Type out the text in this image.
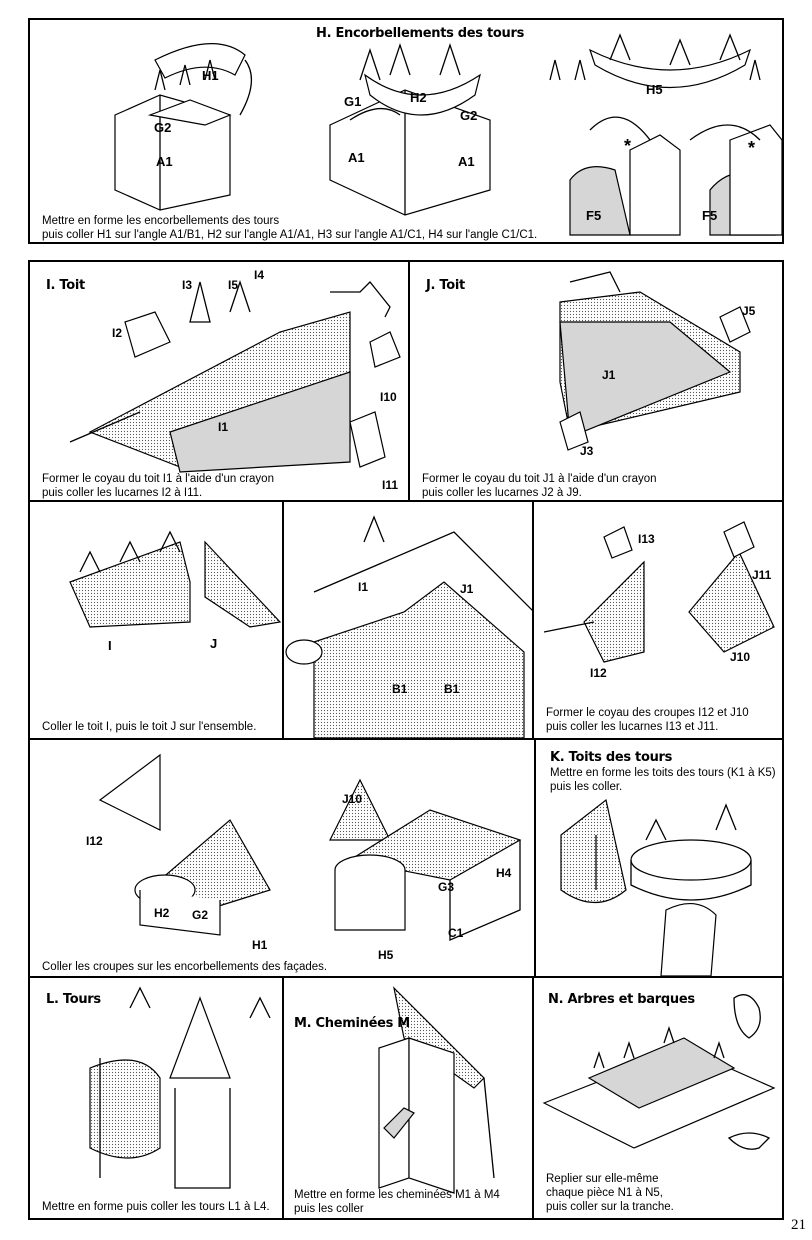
H. Encorbellements des tours
H1
G2
A1
G1	H2
G2
A1	A1
H5
*	*
F5	F5
Mettre en forme les encorbellements des tours
puis coller H1 sur l'angle A1/B1, H2 sur l'angle A1/A1, H3 sur l'angle A1/C1, H4 sur l'angle C1/C1.
I. Toit	I3	I5
I4
I2
I1
I10
I11
Former le coyau du toit I1 à l'aide d'un crayon
puis coller les lucarnes I2 à I11.
J. Toit
J5
J1
J3
Former le coyau du toit J1 à l'aide d'un crayon
puis coller les lucarnes J2 à J9.
I	J
Coller le toit I, puis le toit J sur l'ensemble.
I1	J1
B1	B1
I13
J11
I12
J10
Former le coyau des croupes I12 et J10
puis coller les lucarnes I13 et J11.
I12
H2 G2
H1
J10
G3
H4
C1
H5
Coller les croupes sur les encorbellements des façades.
K. Toits des tours
Mettre en forme les toits des tours (K1 à K5)
puis les coller.
L. Tours
Mettre en forme puis coller les tours L1 à L4.
M. Cheminées M
Mettre en forme les cheminées M1 à M4
puis les coller
N. Arbres et barques
Replier sur elle-même
chaque pièce N1 à N5,
puis coller sur la tranche.
21
